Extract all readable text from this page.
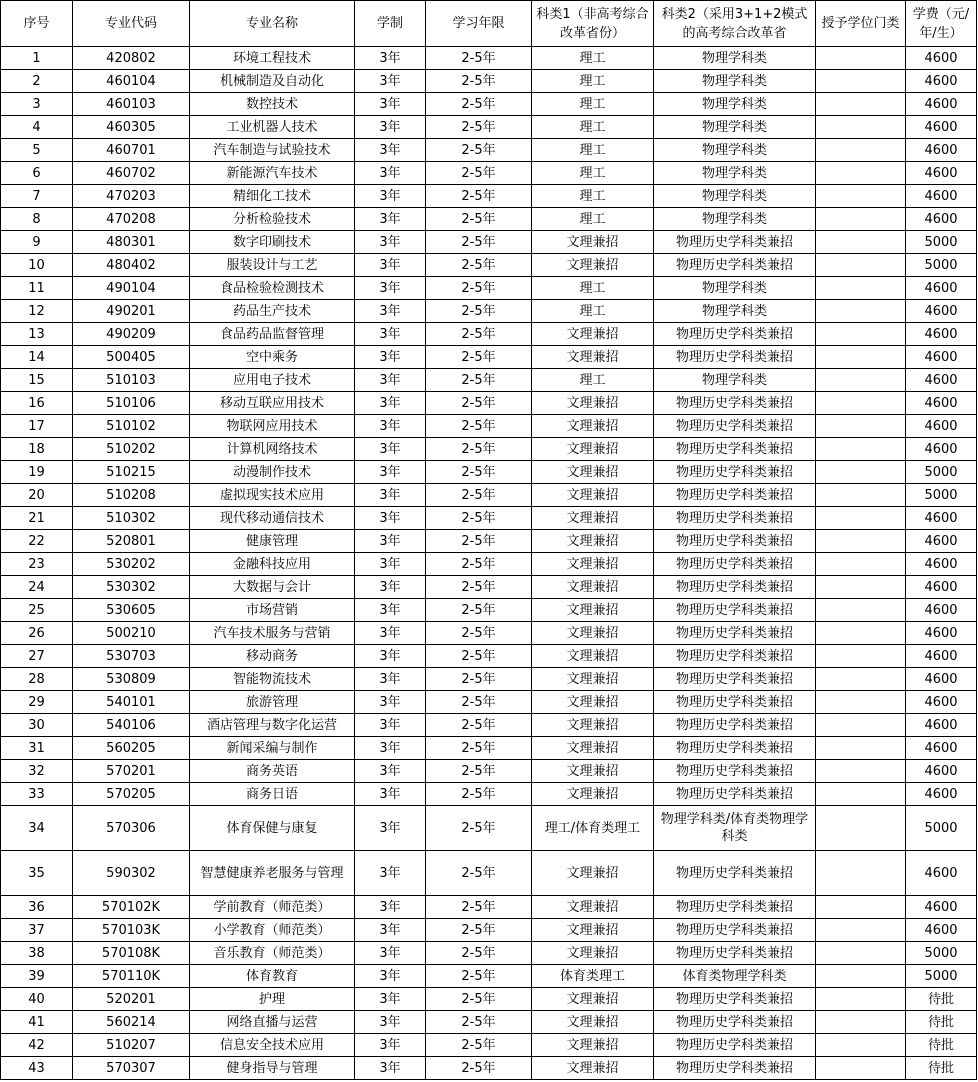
序号	专业代码	专业名称	学制	学习年限	科类1（非高考综合改革省份）	科类2（采用3+1+2模式的高考综合改革省	授予学位门类	学费（元/年/生）
1	420802	环境工程技术	3年	2-5年	理工	物理学科类		4600
2	460104	机械制造及自动化	3年	2-5年	理工	物理学科类		4600
3	460103	数控技术	3年	2-5年	理工	物理学科类		4600
4	460305	工业机器人技术	3年	2-5年	理工	物理学科类		4600
5	460701	汽车制造与试验技术	3年	2-5年	理工	物理学科类		4600
6	460702	新能源汽车技术	3年	2-5年	理工	物理学科类		4600
7	470203	精细化工技术	3年	2-5年	理工	物理学科类		4600
8	470208	分析检验技术	3年	2-5年	理工	物理学科类		4600
9	480301	数字印刷技术	3年	2-5年	文理兼招	物理历史学科类兼招		5000
10	480402	服装设计与工艺	3年	2-5年	文理兼招	物理历史学科类兼招		5000
11	490104	食品检验检测技术	3年	2-5年	理工	物理学科类		4600
12	490201	药品生产技术	3年	2-5年	理工	物理学科类		4600
13	490209	食品药品监督管理	3年	2-5年	文理兼招	物理历史学科类兼招		4600
14	500405	空中乘务	3年	2-5年	文理兼招	物理历史学科类兼招		4600
15	510103	应用电子技术	3年	2-5年	理工	物理学科类		4600
16	510106	移动互联应用技术	3年	2-5年	文理兼招	物理历史学科类兼招		4600
17	510102	物联网应用技术	3年	2-5年	文理兼招	物理历史学科类兼招		4600
18	510202	计算机网络技术	3年	2-5年	文理兼招	物理历史学科类兼招		4600
19	510215	动漫制作技术	3年	2-5年	文理兼招	物理历史学科类兼招		5000
20	510208	虚拟现实技术应用	3年	2-5年	文理兼招	物理历史学科类兼招		5000
21	510302	现代移动通信技术	3年	2-5年	文理兼招	物理历史学科类兼招		4600
22	520801	健康管理	3年	2-5年	文理兼招	物理历史学科类兼招		4600
23	530202	金融科技应用	3年	2-5年	文理兼招	物理历史学科类兼招		4600
24	530302	大数据与会计	3年	2-5年	文理兼招	物理历史学科类兼招		4600
25	530605	市场营销	3年	2-5年	文理兼招	物理历史学科类兼招		4600
26	500210	汽车技术服务与营销	3年	2-5年	文理兼招	物理历史学科类兼招		4600
27	530703	移动商务	3年	2-5年	文理兼招	物理历史学科类兼招		4600
28	530809	智能物流技术	3年	2-5年	文理兼招	物理历史学科类兼招		4600
29	540101	旅游管理	3年	2-5年	文理兼招	物理历史学科类兼招		4600
30	540106	酒店管理与数字化运营	3年	2-5年	文理兼招	物理历史学科类兼招		4600
31	560205	新闻采编与制作	3年	2-5年	文理兼招	物理历史学科类兼招		4600
32	570201	商务英语	3年	2-5年	文理兼招	物理历史学科类兼招		4600
33	570205	商务日语	3年	2-5年	文理兼招	物理历史学科类兼招		4600
34	570306	体育保健与康复	3年	2-5年	理工/体育类理工	物理学科类/体育类物理学科类		5000
35	590302	智慧健康养老服务与管理	3年	2-5年	文理兼招	物理历史学科类兼招		4600
36	570102K	学前教育（师范类）	3年	2-5年	文理兼招	物理历史学科类兼招		4600
37	570103K	小学教育（师范类）	3年	2-5年	文理兼招	物理历史学科类兼招		4600
38	570108K	音乐教育（师范类）	3年	2-5年	文理兼招	物理历史学科类兼招		5000
39	570110K	体育教育	3年	2-5年	体育类理工	体育类物理学科类		5000
40	520201	护理	3年	2-5年	文理兼招	物理历史学科类兼招		待批
41	560214	网络直播与运营	3年	2-5年	文理兼招	物理历史学科类兼招		待批
42	510207	信息安全技术应用	3年	2-5年	文理兼招	物理历史学科类兼招		待批
43	570307	健身指导与管理	3年	2-5年	文理兼招	物理历史学科类兼招		待批
